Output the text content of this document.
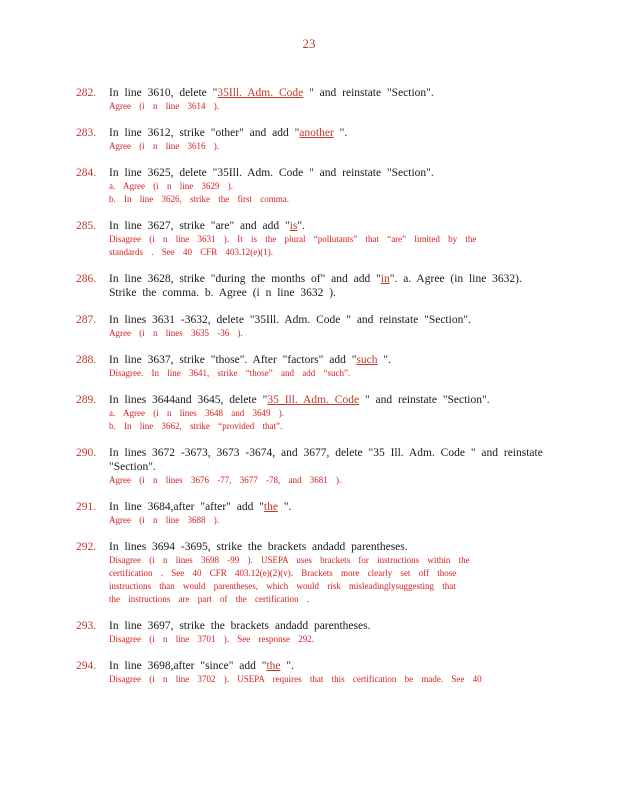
23
282. In line 3610, delete "35Ill. Adm. Code " and reinstate "Section".
Agree (i n line 3614 ).
283. In line 3612, strike "other" and add "another ".
Agree (i n line 3616 ).
284. In line 3625, delete "35Ill. Adm. Code " and reinstate "Section".
a. Agree (i n line 3629 ).
b. In line 3626, strike the first comma.
285. In line 3627, strike "are" and add "is".
Disagree (i n line 3631 ). It is the plural “pollutants” that “are” limited by the
standards . See 40 CFR 403.12(e)(1).
286. In line 3628, strike "during the months of" and add "in". a. Agree (in line 3632). Strike the comma. b. Agree (i n line 3632 ).
287. In lines 3631 -3632, delete "35Ill. Adm. Code " and reinstate "Section".
Agree (i n lines 3635 -36 ).
288. In line 3637, strike "those". After "factors" add "such ".
Disagree. In line 3641, strike “those” and add “such”.
289. In lines 3644and 3645, delete "35 Ill. Adm. Code " and reinstate "Section".
a. Agree (i n lines 3648 and 3649 ).
b. In line 3662, strike “provided that”.
290. In lines 3672 -3673, 3673 -3674, and 3677, delete "35 Ill. Adm. Code " and reinstate "Section".
Agree (i n lines 3676 -77, 3677 -78, and 3681 ).
291. In line 3684,after "after" add "the ".
Agree (i n line 3688 ).
292. In lines 3694 -3695, strike the brackets andadd parentheses.
Disagree (i n lines 3698 -99 ). USEPA uses brackets for instructions within the
certification . See 40 CFR 403.12(e)(2)(v). Brackets more clearly set off those
instructions than would parentheses, which would risk misleadinglysuggesting that
the instructions are part of the certification .
293. In line 3697, strike the brackets andadd parentheses.
Disagree (i n line 3701 ). See response 292.
294. In line 3698,after "since" add "the ".
Disagree (i n line 3702 ). USEPA requires that this certification be made. See 40
